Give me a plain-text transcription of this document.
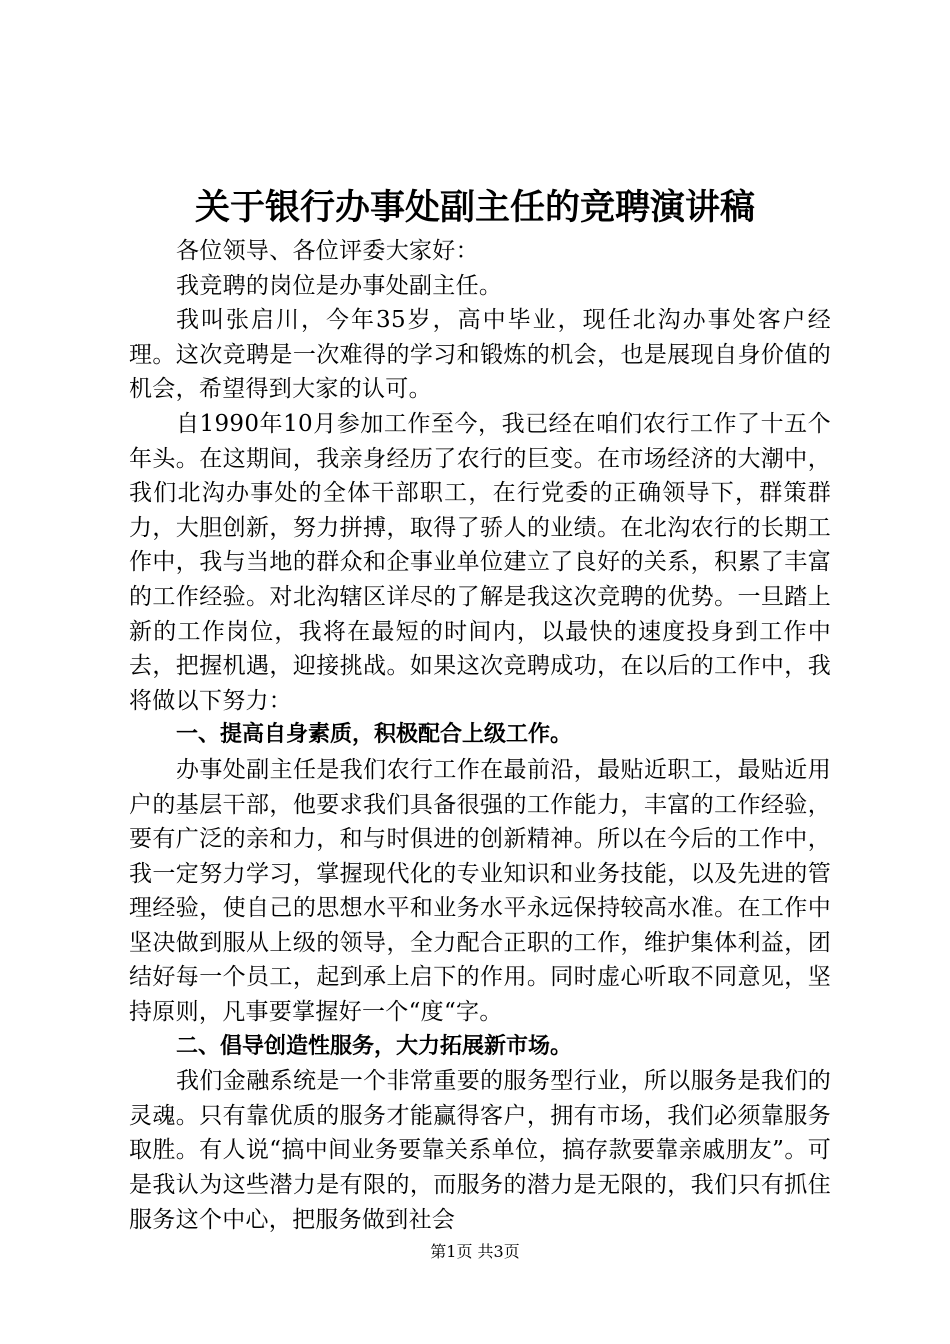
关于银行办事处副主任的竞聘演讲稿

各位领导、各位评委大家好：

我竞聘的岗位是办事处副主任。

我叫张启川，今年35岁，高中毕业，现任北沟办事处客户经理。这次竞聘是一次难得的学习和锻炼的机会，也是展现自身价值的机会，希望得到大家的认可。

自1990年10月参加工作至今，我已经在咱们农行工作了十五个年头。在这期间，我亲身经历了农行的巨变。在市场经济的大潮中，我们北沟办事处的全体干部职工，在行党委的正确领导下，群策群力，大胆创新，努力拼搏，取得了骄人的业绩。在北沟农行的长期工作中，我与当地的群众和企事业单位建立了良好的关系，积累了丰富的工作经验。对北沟辖区详尽的了解是我这次竞聘的优势。一旦踏上新的工作岗位，我将在最短的时间内，以最快的速度投身到工作中去，把握机遇，迎接挑战。如果这次竞聘成功，在以后的工作中，我将做以下努力：

一、提高自身素质，积极配合上级工作。

办事处副主任是我们农行工作在最前沿，最贴近职工，最贴近用户的基层干部，他要求我们具备很强的工作能力，丰富的工作经验，要有广泛的亲和力，和与时俱进的创新精神。所以在今后的工作中，我一定努力学习，掌握现代化的专业知识和业务技能，以及先进的管理经验，使自己的思想水平和业务水平永远保持较高水准。在工作中坚决做到服从上级的领导，全力配合正职的工作，维护集体利益，团结好每一个员工，起到承上启下的作用。同时虚心听取不同意见，坚持原则，凡事要掌握好一个“度“字。

二、倡导创造性服务，大力拓展新市场。

我们金融系统是一个非常重要的服务型行业，所以服务是我们的灵魂。只有靠优质的服务才能赢得客户，拥有市场，我们必须靠服务取胜。有人说“搞中间业务要靠关系单位，搞存款要靠亲戚朋友”。可是我认为这些潜力是有限的，而服务的潜力是无限的，我们只有抓住服务这个中心，把服务做到社会

第1页 共3页
